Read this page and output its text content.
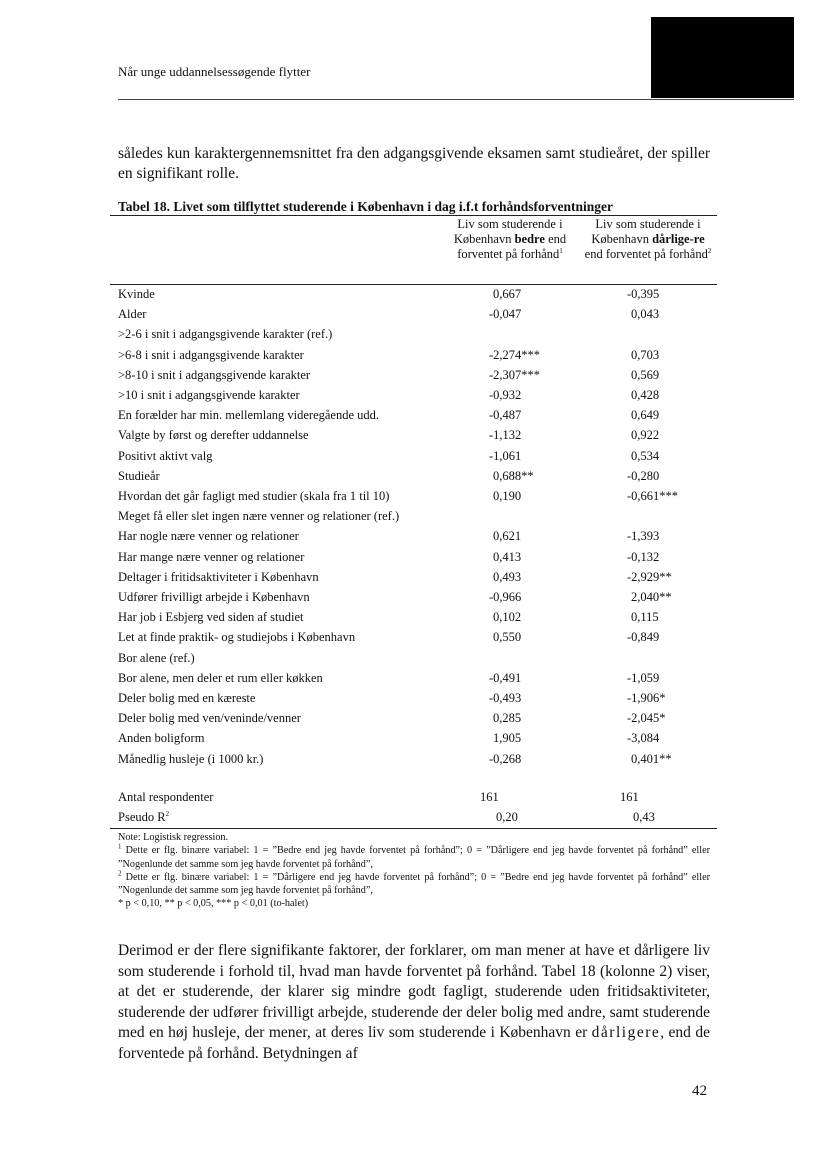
Når unge uddannelsessøgende flytter
således kun karaktergennemsnittet fra den adgangsgivende eksamen samt studieåret, der spiller en signifikant rolle.
Tabel 18. Livet som tilflyttet studerende i København i dag i.f.t forhåndsforventninger
Liv som studerende i København bedre end forventet på forhånd$^1$
Liv som studerende i København dårlige-re end forventet på forhånd$^2$
Kvinde	0,667	-0,395
Alder	-0,047	0,043
>2-6 i snit i adgangsgivende karakter (ref.)
>6-8 i snit i adgangsgivende karakter	-2,274***	0,703
>8-10 i snit i adgangsgivende karakter	-2,307***	0,569
>10 i snit i adgangsgivende karakter	-0,932	0,428
En forælder har min. mellemlang videregående udd.	-0,487	0,649
Valgte by først og derefter uddannelse	-1,132	0,922
Positivt aktivt valg	-1,061	0,534
Studieår	0,688**	-0,280
Hvordan det går fagligt med studier (skala fra 1 til 10)	0,190	-0,661***
Meget få eller slet ingen nære venner og relationer (ref.)
Har nogle nære venner og relationer	0,621	-1,393
Har mange nære venner og relationer	0,413	-0,132
Deltager i fritidsaktiviteter i København	0,493	-2,929**
Udfører frivilligt arbejde i København	-0,966	2,040**
Har job i Esbjerg ved siden af studiet	0,102	0,115
Let at finde praktik- og studiejobs i København	0,550	-0,849
Bor alene (ref.)
Bor alene, men deler et rum eller køkken	-0,491	-1,059
Deler bolig med en kæreste	-0,493	-1,906*
Deler bolig med ven/veninde/venner	0,285	-2,045*
Anden boligform	1,905	-3,084
Månedlig husleje (i 1000 kr.)	-0,268	0,401**
Antal respondenter	161	161
Pseudo $R^2$	0,20	0,43
Note: Logistisk regression.
$^1$ Dette er flg. binære variabel: 1 = ”Bedre end jeg havde forventet på forhånd”; 0 = ”Dårligere end jeg havde forventet på forhånd” eller ”Nogenlunde det samme som jeg havde forventet på forhånd”,
$^2$ Dette er flg. binære variabel: 1 = ”Dårligere end jeg havde forventet på forhånd”; 0 = ”Bedre end jeg havde forventet på forhånd” eller ”Nogenlunde det samme som jeg havde forventet på forhånd”,
* p < 0,10, ** p < 0,05, *** p < 0,01 (to-halet)
Derimod er der flere signifikante faktorer, der forklarer, om man mener at have et dårligere liv som studerende i forhold til, hvad man havde forventet på forhånd. Tabel 18 (kolonne 2) viser, at det er studerende, der klarer sig mindre godt fagligt, studerende uden fritidsaktiviteter, studerende der udfører frivilligt arbejde, studerende der deler bolig med andre, samt studerende med en høj husleje, der mener, at deres liv som studerende i København er dårligere, end de forventede på forhånd. Betydningen af
42
